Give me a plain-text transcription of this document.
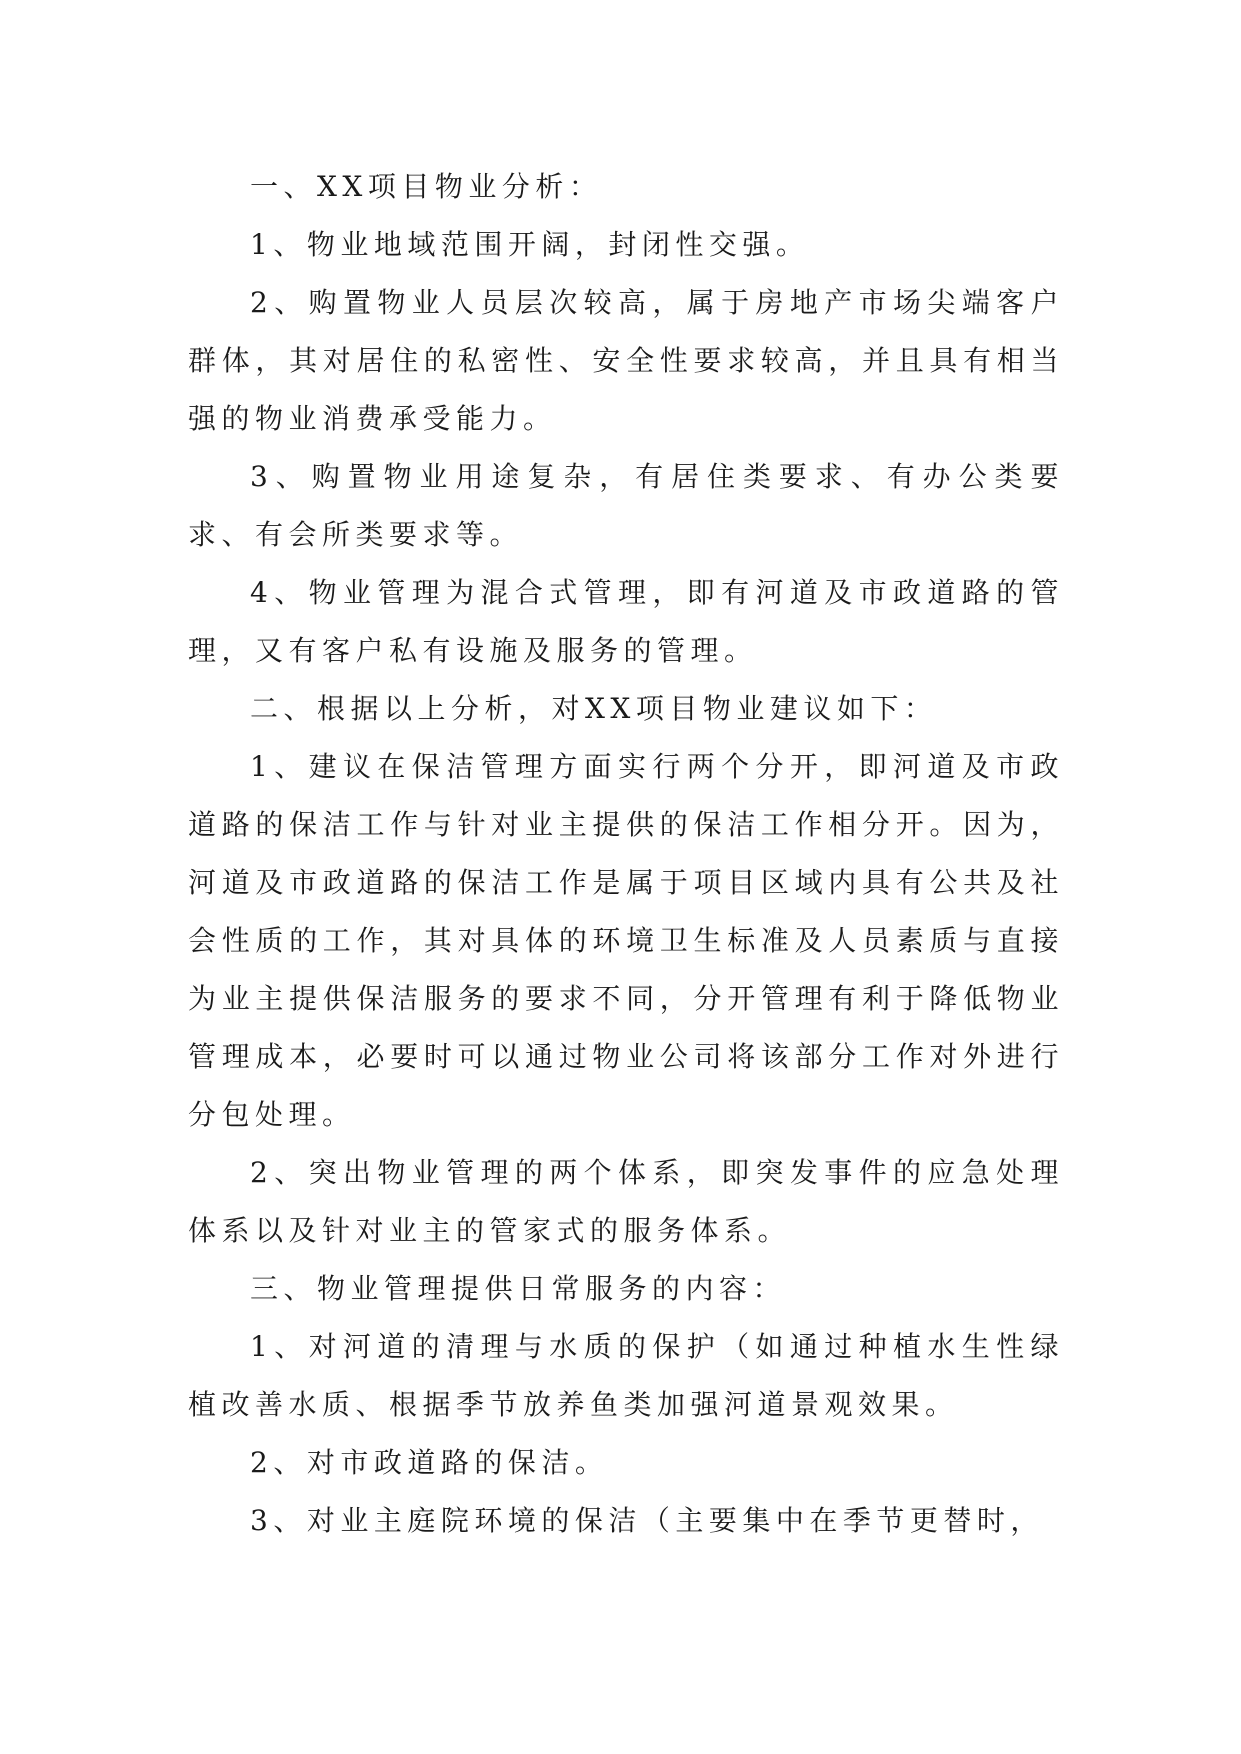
一、XX项目物业分析：

1、物业地域范围开阔，封闭性交强。

2、购置物业人员层次较高，属于房地产市场尖端客户群体，其对居住的私密性、安全性要求较高，并且具有相当强的物业消费承受能力。

3、购置物业用途复杂，有居住类要求、有办公类要求、有会所类要求等。

4、物业管理为混合式管理，即有河道及市政道路的管理，又有客户私有设施及服务的管理。

二、根据以上分析，对XX项目物业建议如下：

1、建议在保洁管理方面实行两个分开，即河道及市政道路的保洁工作与针对业主提供的保洁工作相分开。因为，河道及市政道路的保洁工作是属于项目区域内具有公共及社会性质的工作，其对具体的环境卫生标准及人员素质与直接为业主提供保洁服务的要求不同，分开管理有利于降低物业管理成本，必要时可以通过物业公司将该部分工作对外进行分包处理。

2、突出物业管理的两个体系，即突发事件的应急处理体系以及针对业主的管家式的服务体系。

三、物业管理提供日常服务的内容：

1、对河道的清理与水质的保护（如通过种植水生性绿植改善水质、根据季节放养鱼类加强河道景观效果。

2、对市政道路的保洁。

3、对业主庭院环境的保洁（主要集中在季节更替时，
